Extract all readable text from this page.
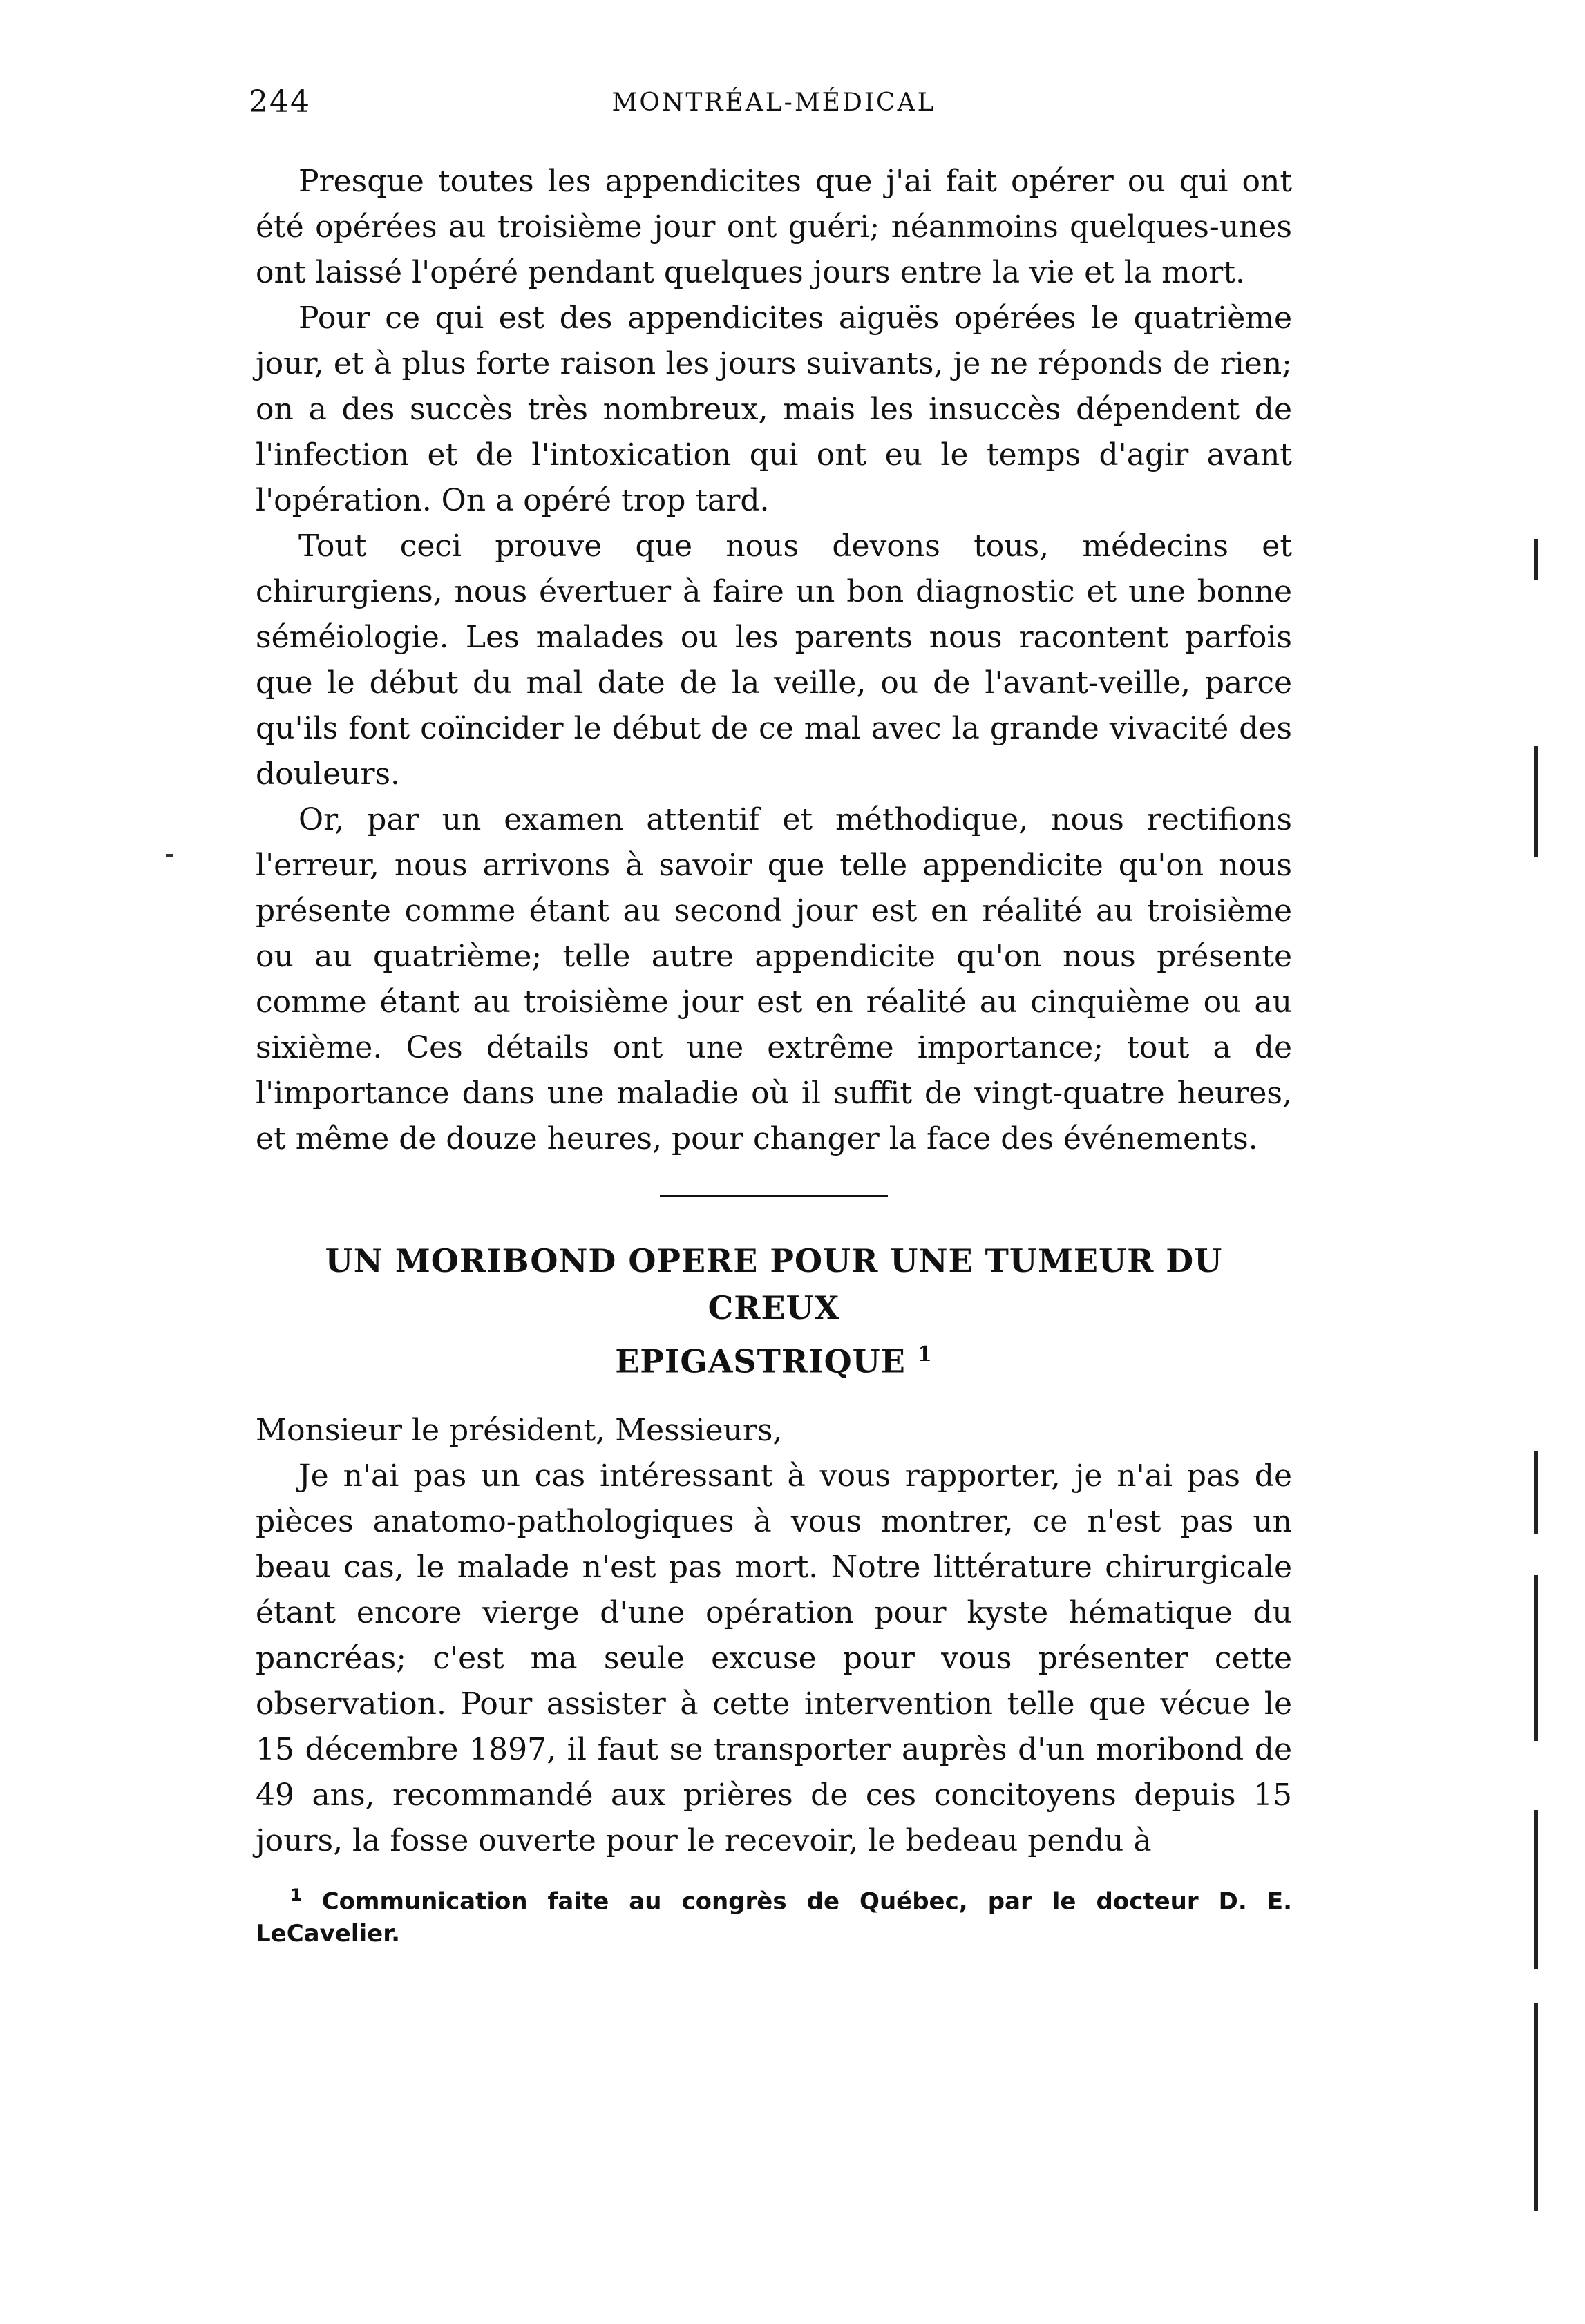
244	MONTRÉAL-MÉDICAL

Presque toutes les appendicites que j'ai fait opérer ou qui ont été opérées au troisième jour ont guéri; néanmoins quelques-unes ont laissé l'opéré pendant quelques jours entre la vie et la mort.

Pour ce qui est des appendicites aiguës opérées le quatrième jour, et à plus forte raison les jours suivants, je ne réponds de rien; on a des succès très nombreux, mais les insuccès dépendent de l'infection et de l'intoxication qui ont eu le temps d'agir avant l'opération. On a opéré trop tard.

Tout ceci prouve que nous devons tous, médecins et chirurgiens, nous évertuer à faire un bon diagnostic et une bonne séméiologie. Les malades ou les parents nous racontent parfois que le début du mal date de la veille, ou de l'avant-veille, parce qu'ils font coïncider le début de ce mal avec la grande vivacité des douleurs.

Or, par un examen attentif et méthodique, nous rectifions l'erreur, nous arrivons à savoir que telle appendicite qu'on nous présente comme étant au second jour est en réalité au troisième ou au quatrième; telle autre appendicite qu'on nous présente comme étant au troisième jour est en réalité au cinquième ou au sixième. Ces détails ont une extrême importance; tout a de l'importance dans une maladie où il suffit de vingt-quatre heures, et même de douze heures, pour changer la face des événements.

UN MORIBOND OPERE POUR UNE TUMEUR DU CREUX
EPIGASTRIQUE $^1$

Monsieur le président, Messieurs,

Je n'ai pas un cas intéressant à vous rapporter, je n'ai pas de pièces anatomo-pathologiques à vous montrer, ce n'est pas un beau cas, le malade n'est pas mort. Notre littérature chirurgicale étant encore vierge d'une opération pour kyste hématique du pancréas; c'est ma seule excuse pour vous présenter cette observation. Pour assister à cette intervention telle que vécue le 15 décembre 1897, il faut se transporter auprès d'un moribond de 49 ans, recommandé aux prières de ces concitoyens depuis 15 jours, la fosse ouverte pour le recevoir, le bedeau pendu à

$^1$ Communication faite au congrès de Québec, par le docteur D. E. LeCavelier.
